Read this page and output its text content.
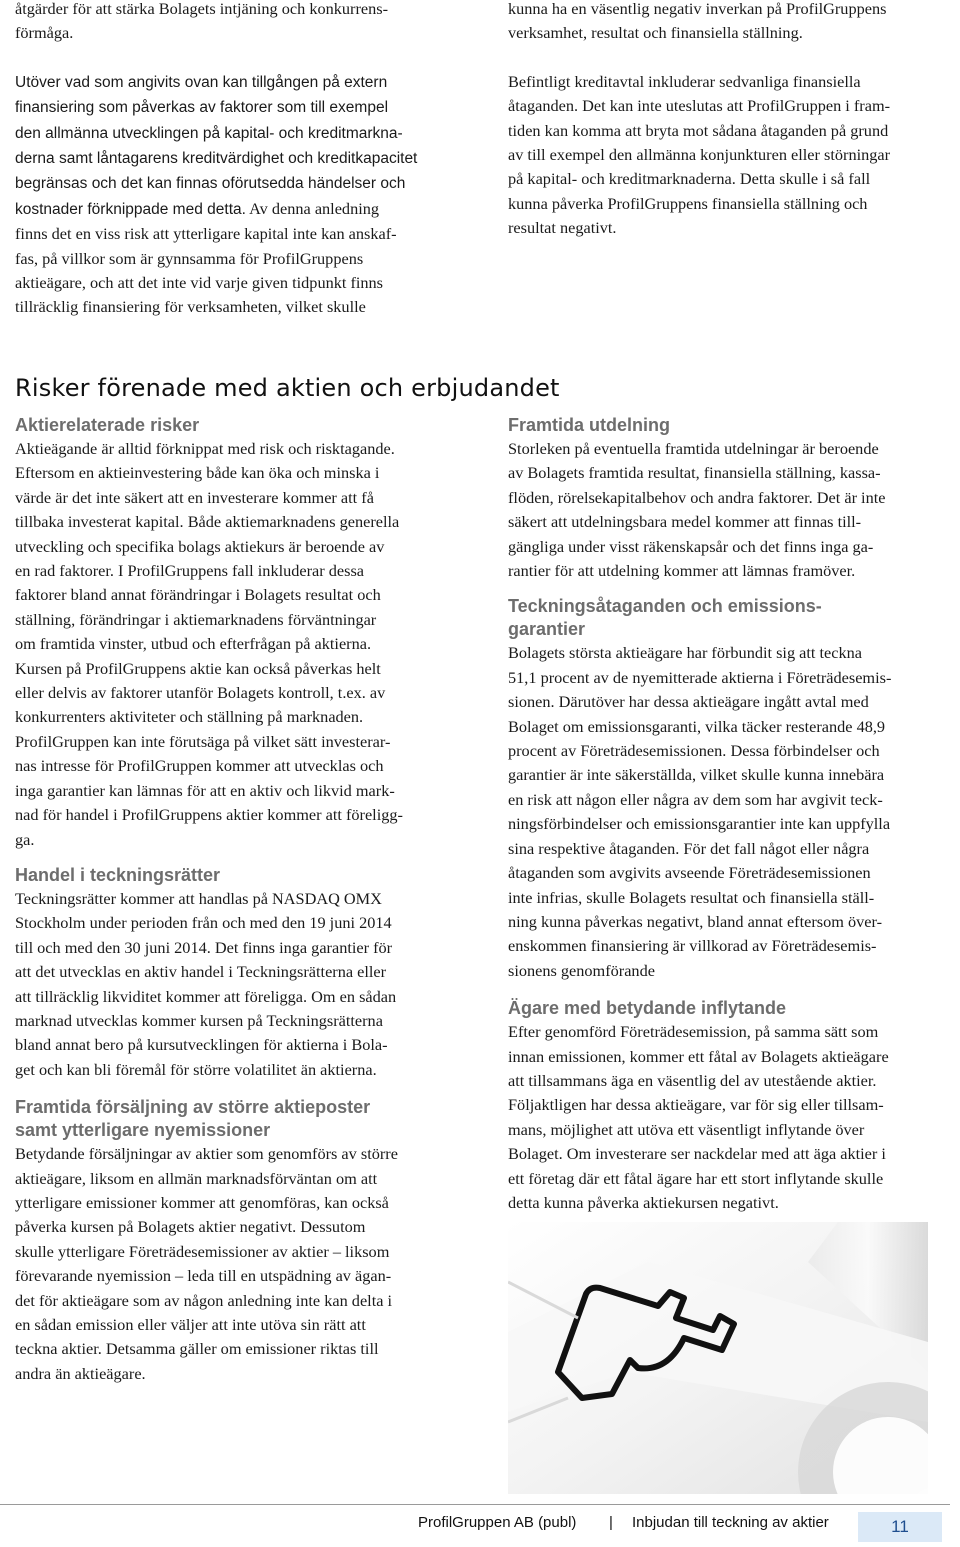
åtgärder för att stärka Bolagets intjäning och konkurrens-
förmåga.

Utöver vad som angivits ovan kan tillgången på extern
finansiering som påverkas av faktorer som till exempel
den allmänna utvecklingen på kapital- och kreditmarkna-
derna samt låntagarens kreditvärdighet och kreditkapacitet
begränsas och det kan finnas oförutsedda händelser och
kostnader förknippade med detta. Av denna anledning
finns det en viss risk att ytterligare kapital inte kan anskaf-
fas, på villkor som är gynnsamma för ProfilGruppens
aktieägare, och att det inte vid varje given tidpunkt finns
tillräcklig finansiering för verksamheten, vilket skulle

kunna ha en väsentlig negativ inverkan på ProfilGruppens
verksamhet, resultat och finansiella ställning.

Befintligt kreditavtal inkluderar sedvanliga finansiella
åtaganden. Det kan inte uteslutas att ProfilGruppen i fram-
tiden kan komma att bryta mot sådana åtaganden på grund
av till exempel den allmänna konjunkturen eller störningar
på kapital- och kreditmarknaderna. Detta skulle i så fall
kunna påverka ProfilGruppens finansiella ställning och
resultat negativt.

Risker förenade med aktien och erbjudandet
Aktierelaterade risker

Aktieägande är alltid förknippat med risk och risktagande.
Eftersom en aktieinvestering både kan öka och minska i
värde är det inte säkert att en investerare kommer att få
tillbaka investerat kapital. Både aktiemarknadens generella
utveckling och specifika bolags aktiekurs är beroende av
en rad faktorer. I ProfilGruppens fall inkluderar dessa
faktorer bland annat förändringar i Bolagets resultat och
ställning, förändringar i aktiemarknadens förväntningar
om framtida vinster, utbud och efterfrågan på aktierna.
Kursen på ProfilGruppens aktie kan också påverkas helt
eller delvis av faktorer utanför Bolagets kontroll, t.ex. av
konkurrenters aktiviteter och ställning på marknaden.
ProfilGruppen kan inte förutsäga på vilket sätt investerar-
nas intresse för ProfilGruppen kommer att utvecklas och
inga garantier kan lämnas för att en aktiv och likvid mark-
nad för handel i ProfilGruppens aktier kommer att föreligg-
ga.

Handel i teckningsrätter

Teckningsrätter kommer att handlas på NASDAQ OMX
Stockholm under perioden från och med den 19 juni 2014
till och med den 30 juni 2014. Det finns inga garantier för
att det utvecklas en aktiv handel i Teckningsrätterna eller
att tillräcklig likviditet kommer att föreligga. Om en sådan
marknad utvecklas kommer kursen på Teckningsrätterna
bland annat bero på kursutvecklingen för aktierna i Bola-
get och kan bli föremål för större volatilitet än aktierna.

Framtida försäljning av större aktieposter
samt ytterligare nyemissioner

Betydande försäljningar av aktier som genomförs av större
aktieägare, liksom en allmän marknadsförväntan om att
ytterligare emissioner kommer att genomföras, kan också
påverka kursen på Bolagets aktier negativt. Dessutom
skulle ytterligare Företrädesemissioner av aktier – liksom
förevarande nyemission – leda till en utspädning av ägan-
det för aktieägare som av någon anledning inte kan delta i
en sådan emission eller väljer att inte utöva sin rätt att
teckna aktier. Detsamma gäller om emissioner riktas till
andra än aktieägare.

Framtida utdelning

Storleken på eventuella framtida utdelningar är beroende
av Bolagets framtida resultat, finansiella ställning, kassa-
flöden, rörelsekapitalbehov och andra faktorer. Det är inte
säkert att utdelningsbara medel kommer att finnas till-
gängliga under visst räkenskapsår och det finns inga ga-
rantier för att utdelning kommer att lämnas framöver.

Teckningsåtaganden och emissions-
garantier

Bolagets största aktieägare har förbundit sig att teckna
51,1 procent av de nyemitterade aktierna i Företrädesemis-
sionen. Därutöver har dessa aktieägare ingått avtal med
Bolaget om emissionsgaranti, vilka täcker resterande 48,9
procent av Företrädesemissionen. Dessa förbindelser och
garantier är inte säkerställda, vilket skulle kunna innebära
en risk att någon eller några av dem som har avgivit teck-
ningsförbindelser och emissionsgarantier inte kan uppfylla
sina respektive åtaganden. För det fall något eller några
åtaganden som avgivits avseende Företrädesemissionen
inte infrias, skulle Bolagets resultat och finansiella ställ-
ning kunna påverkas negativt, bland annat eftersom över-
enskommen finansiering är villkorad av Företrädesemis-
sionens genomförande

Ägare med betydande inflytande

Efter genomförd Företrädesemission, på samma sätt som
innan emissionen, kommer ett fåtal av Bolagets aktieägare
att tillsammans äga en väsentlig del av utestående aktier.
Följaktligen har dessa aktieägare, var för sig eller tillsam-
mans, möjlighet att utöva ett väsentligt inflytande över
Bolaget. Om investerare ser nackdelar med att äga aktier i
ett företag där ett fåtal ägare har ett stort inflytande skulle
detta kunna påverka aktiekursen negativt.

ProfilGruppen AB (publ) | Inbjudan till teckning av aktier	11
